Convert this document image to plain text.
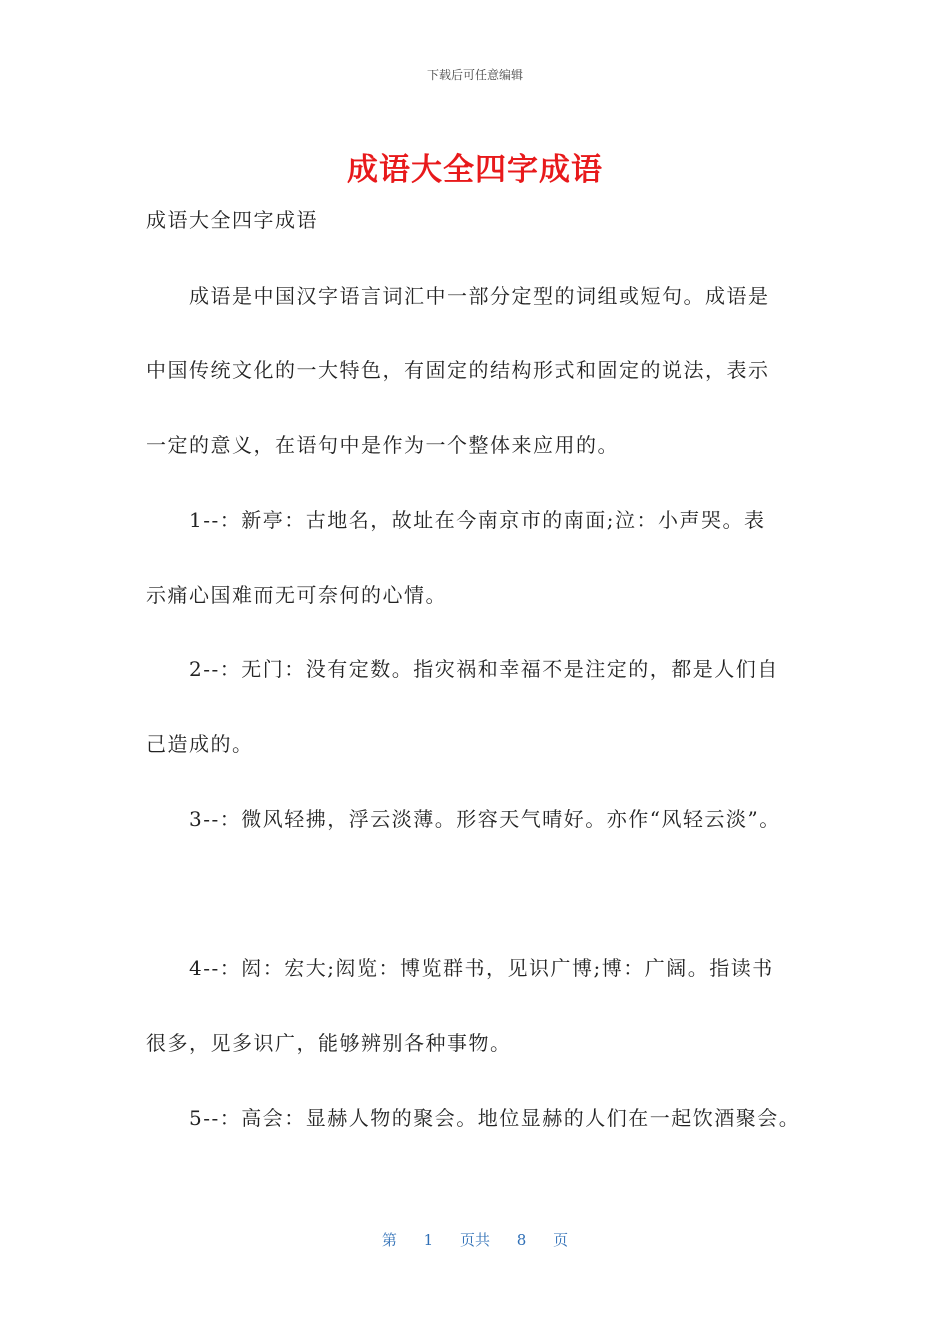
下载后可任意编辑
成语大全四字成语
成语大全四字成语
　　成语是中国汉字语言词汇中一部分定型的词组或短句。成语是
中国传统文化的一大特色，有固定的结构形式和固定的说法，表示
一定的意义，在语句中是作为一个整体来应用的。
　　1--：新亭：古地名，故址在今南京市的南面;泣：小声哭。表
示痛心国难而无可奈何的心情。
　　2--：无门：没有定数。指灾祸和幸福不是注定的，都是人们自
己造成的。
　　3--：微风轻拂，浮云淡薄。形容天气晴好。亦作“风轻云淡”。
　　4--：闳：宏大;闳览：博览群书，见识广博;博：广阔。指读书
很多，见多识广，能够辨别各种事物。
　　5--：高会：显赫人物的聚会。地位显赫的人们在一起饮酒聚会。
第 1 页共 8 页
